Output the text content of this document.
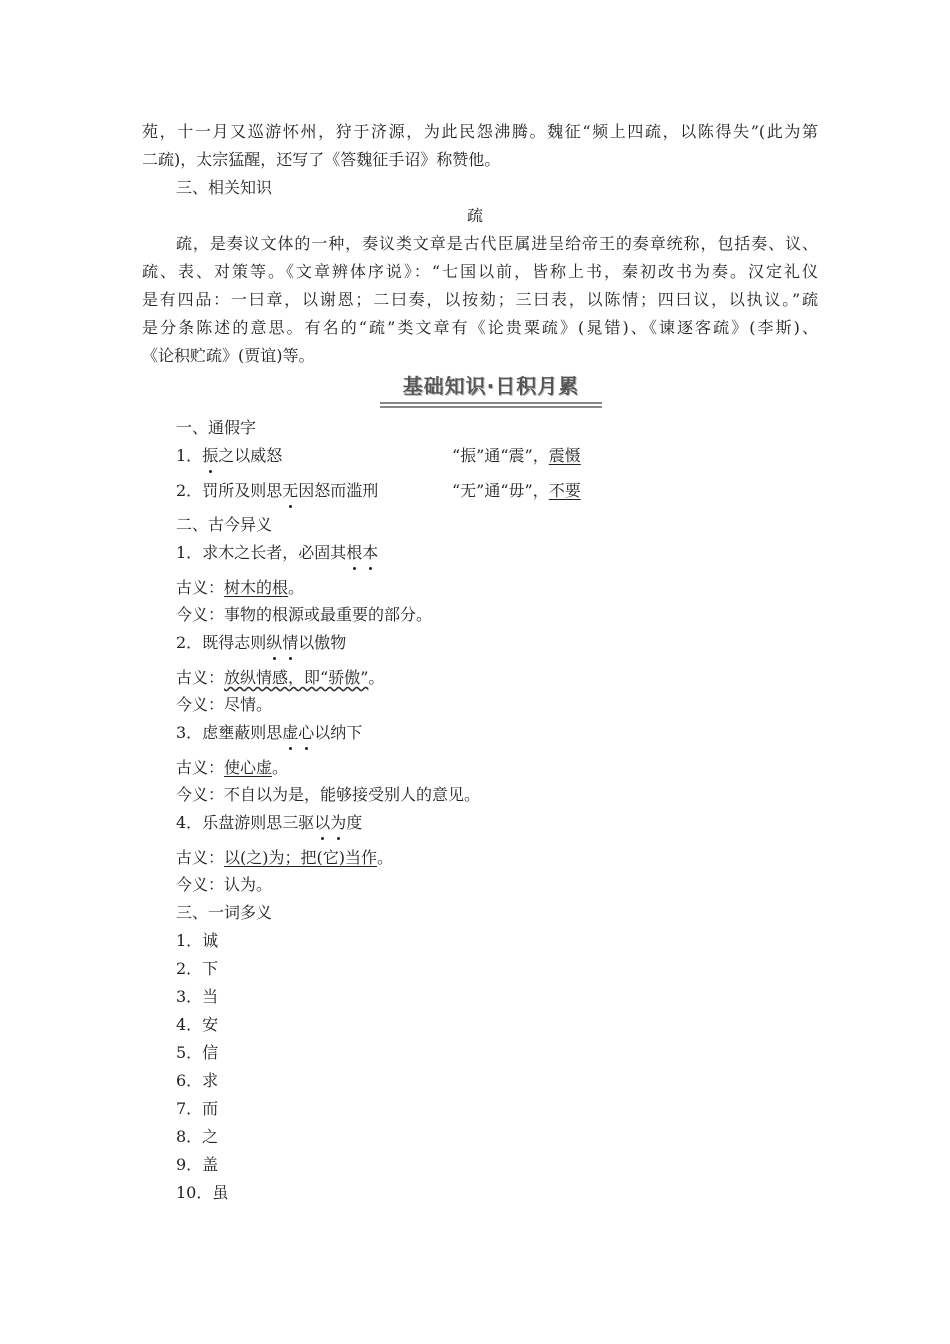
苑，十一月又巡游怀州，狩于济源，为此民怨沸腾。魏征“频上四疏，以陈得失”(此为第
二疏)，太宗猛醒，还写了《答魏征手诏》称赞他。
三、相关知识
疏
疏，是奏议文体的一种，奏议类文章是古代臣属进呈给帝王的奏章统称，包括奏、议、
疏、表、对策等。《文章辨体序说》：“七国以前，皆称上书，秦初改书为奏。汉定礼仪
是有四品：一曰章，以谢恩；二曰奏，以按劾；三曰表，以陈情；四曰议，以执议。”疏
是分条陈述的意思。有名的“疏”类文章有《论贵粟疏》(晁错)、《谏逐客疏》(李斯)、
《论积贮疏》(贾谊)等。
基础知识·日积月累
一、通假字
1．振之以威怒	“振”通“震”，震慑
2．罚所及则思无因怒而滥刑	“无”通“毋”，不要
二、古今异义
1．求木之长者，必固其根本
古义：树木的根。
今义：事物的根源或最重要的部分。
2．既得志则纵情以傲物
古义：放纵情感，即“骄傲”。
今义：尽情。
3．虑壅蔽则思虚心以纳下
古义：使心虚。
今义：不自以为是，能够接受别人的意见。
4．乐盘游则思三驱以为度
古义：以(之)为；把(它)当作。
今义：认为。
三、一词多义
1．诚
2．下
3．当
4．安
5．信
6．求
7．而
8．之
9．盖
10．虽
